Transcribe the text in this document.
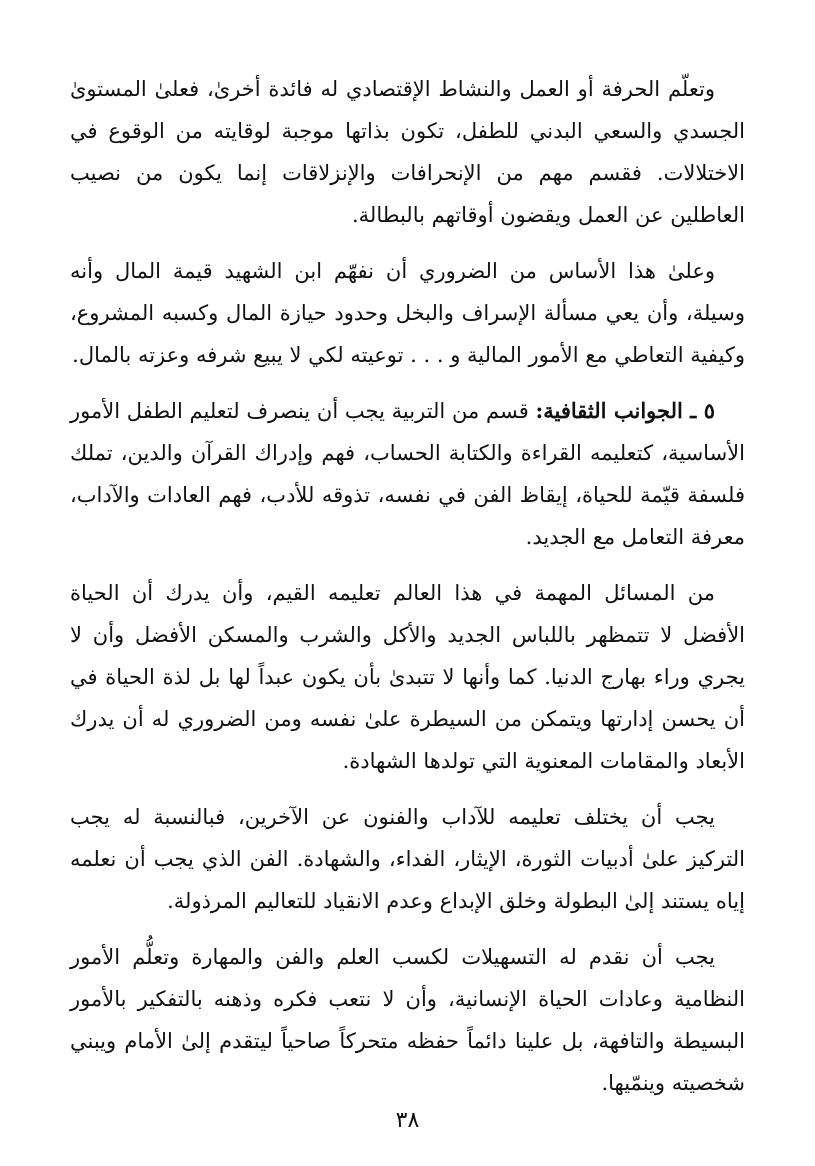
وتعلّم الحرفة أو العمل والنشاط الإقتصادي له فائدة أخرىٰ، فعلىٰ المستوىٰ الجسدي والسعي البدني للطفل، تكون بذاتها موجبة لوقايته من الوقوع في الاختلالات. فقسم مهم من الإنحرافات والإنزلاقات إنما يكون من نصيب العاطلين عن العمل ويقضون أوقاتهم بالبطالة.

وعلىٰ هذا الأساس من الضروري أن نفهّم ابن الشهيد قيمة المال وأنه وسيلة، وأن يعي مسألة الإسراف والبخل وحدود حيازة المال وكسبه المشروع، وكيفية التعاطي مع الأمور المالية و . . . توعيته لكي لا يبيع شرفه وعزته بالمال.

٥ ـ الجوانب الثقافية: قسم من التربية يجب أن ينصرف لتعليم الطفل الأمور الأساسية، كتعليمه القراءة والكتابة الحساب، فهم وإدراك القرآن والدين، تملك فلسفة قيّمة للحياة، إيقاظ الفن في نفسه، تذوقه للأدب، فهم العادات والآداب، معرفة التعامل مع الجديد.

من المسائل المهمة في هذا العالم تعليمه القيم، وأن يدرك أن الحياة الأفضل لا تتمظهر باللباس الجديد والأكل والشرب والمسكن الأفضل وأن لا يجري وراء بهارج الدنيا. كما وأنها لا تتبدىٰ بأن يكون عبداً لها بل لذة الحياة في أن يحسن إدارتها ويتمكن من السيطرة علىٰ نفسه ومن الضروري له أن يدرك الأبعاد والمقامات المعنوية التي تولدها الشهادة.

يجب أن يختلف تعليمه للآداب والفنون عن الآخرين، فبالنسبة له يجب التركيز علىٰ أدبيات الثورة، الإيثار، الفداء، والشهادة. الفن الذي يجب أن نعلمه إياه يستند إلىٰ البطولة وخلق الإبداع وعدم الانقياد للتعاليم المرذولة.

يجب أن نقدم له التسهيلات لكسب العلم والفن والمهارة وتعلُّم الأمور النظامية وعادات الحياة الإنسانية، وأن لا نتعب فكره وذهنه بالتفكير بالأمور البسيطة والتافهة، بل علينا دائماً حفظه متحركاً صاحياً ليتقدم إلىٰ الأمام ويبني شخصيته وينمّيها.

٣٨
